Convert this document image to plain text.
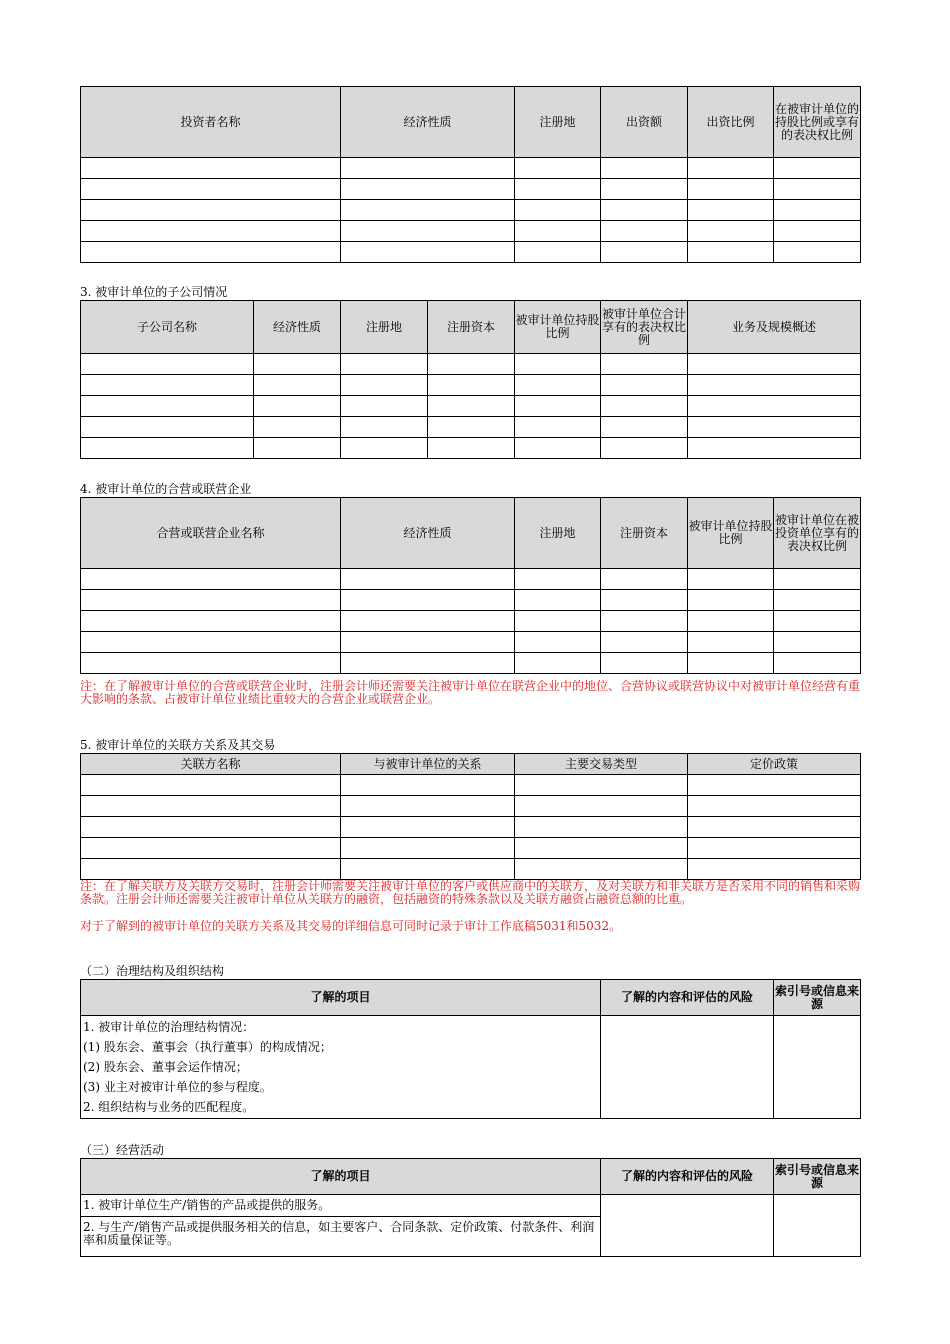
投资者名称	经济性质	注册地	出资额	出资比例	在被审计单位的持股比例或享有的表决权比例

3. 被审计单位的子公司情况
子公司名称	经济性质	注册地	注册资本	被审计单位持股比例	被审计单位合计享有的表决权比例	业务及规模概述

4. 被审计单位的合营或联营企业
合营或联营企业名称	经济性质	注册地	注册资本	被审计单位持股比例	被审计单位在被投资单位享有的表决权比例

注：在了解被审计单位的合营或联营企业时，注册会计师还需要关注被审计单位在联营企业中的地位、合营协议或联营协议中对被审计单位经营有重大影响的条款、占被审计单位业绩比重较大的合营企业或联营企业。
5. 被审计单位的关联方关系及其交易
关联方名称	与被审计单位的关系	主要交易类型	定价政策

注：在了解关联方及关联方交易时，注册会计师需要关注被审计单位的客户或供应商中的关联方，及对关联方和非关联方是否采用不同的销售和采购条款。注册会计师还需要关注被审计单位从关联方的融资，包括融资的特殊条款以及关联方融资占融资总额的比重。
对于了解到的被审计单位的关联方关系及其交易的详细信息可同时记录于审计工作底稿5031和5032。
（二）治理结构及组织结构
了解的项目	了解的内容和评估的风险	索引号或信息来源

1. 被审计单位的治理结构情况：
(1) 股东会、董事会（执行董事）的构成情况；
(2) 股东会、董事会运作情况；
(3) 业主对被审计单位的参与程度。
2. 组织结构与业务的匹配程度。		

（三）经营活动
了解的项目	了解的内容和评估的风险	索引号或信息来源
1. 被审计单位生产/销售的产品或提供的服务。		

2. 与生产/销售产品或提供服务相关的信息，如主要客户、合同条款、定价政策、付款条件、利润率和质量保证等。		
